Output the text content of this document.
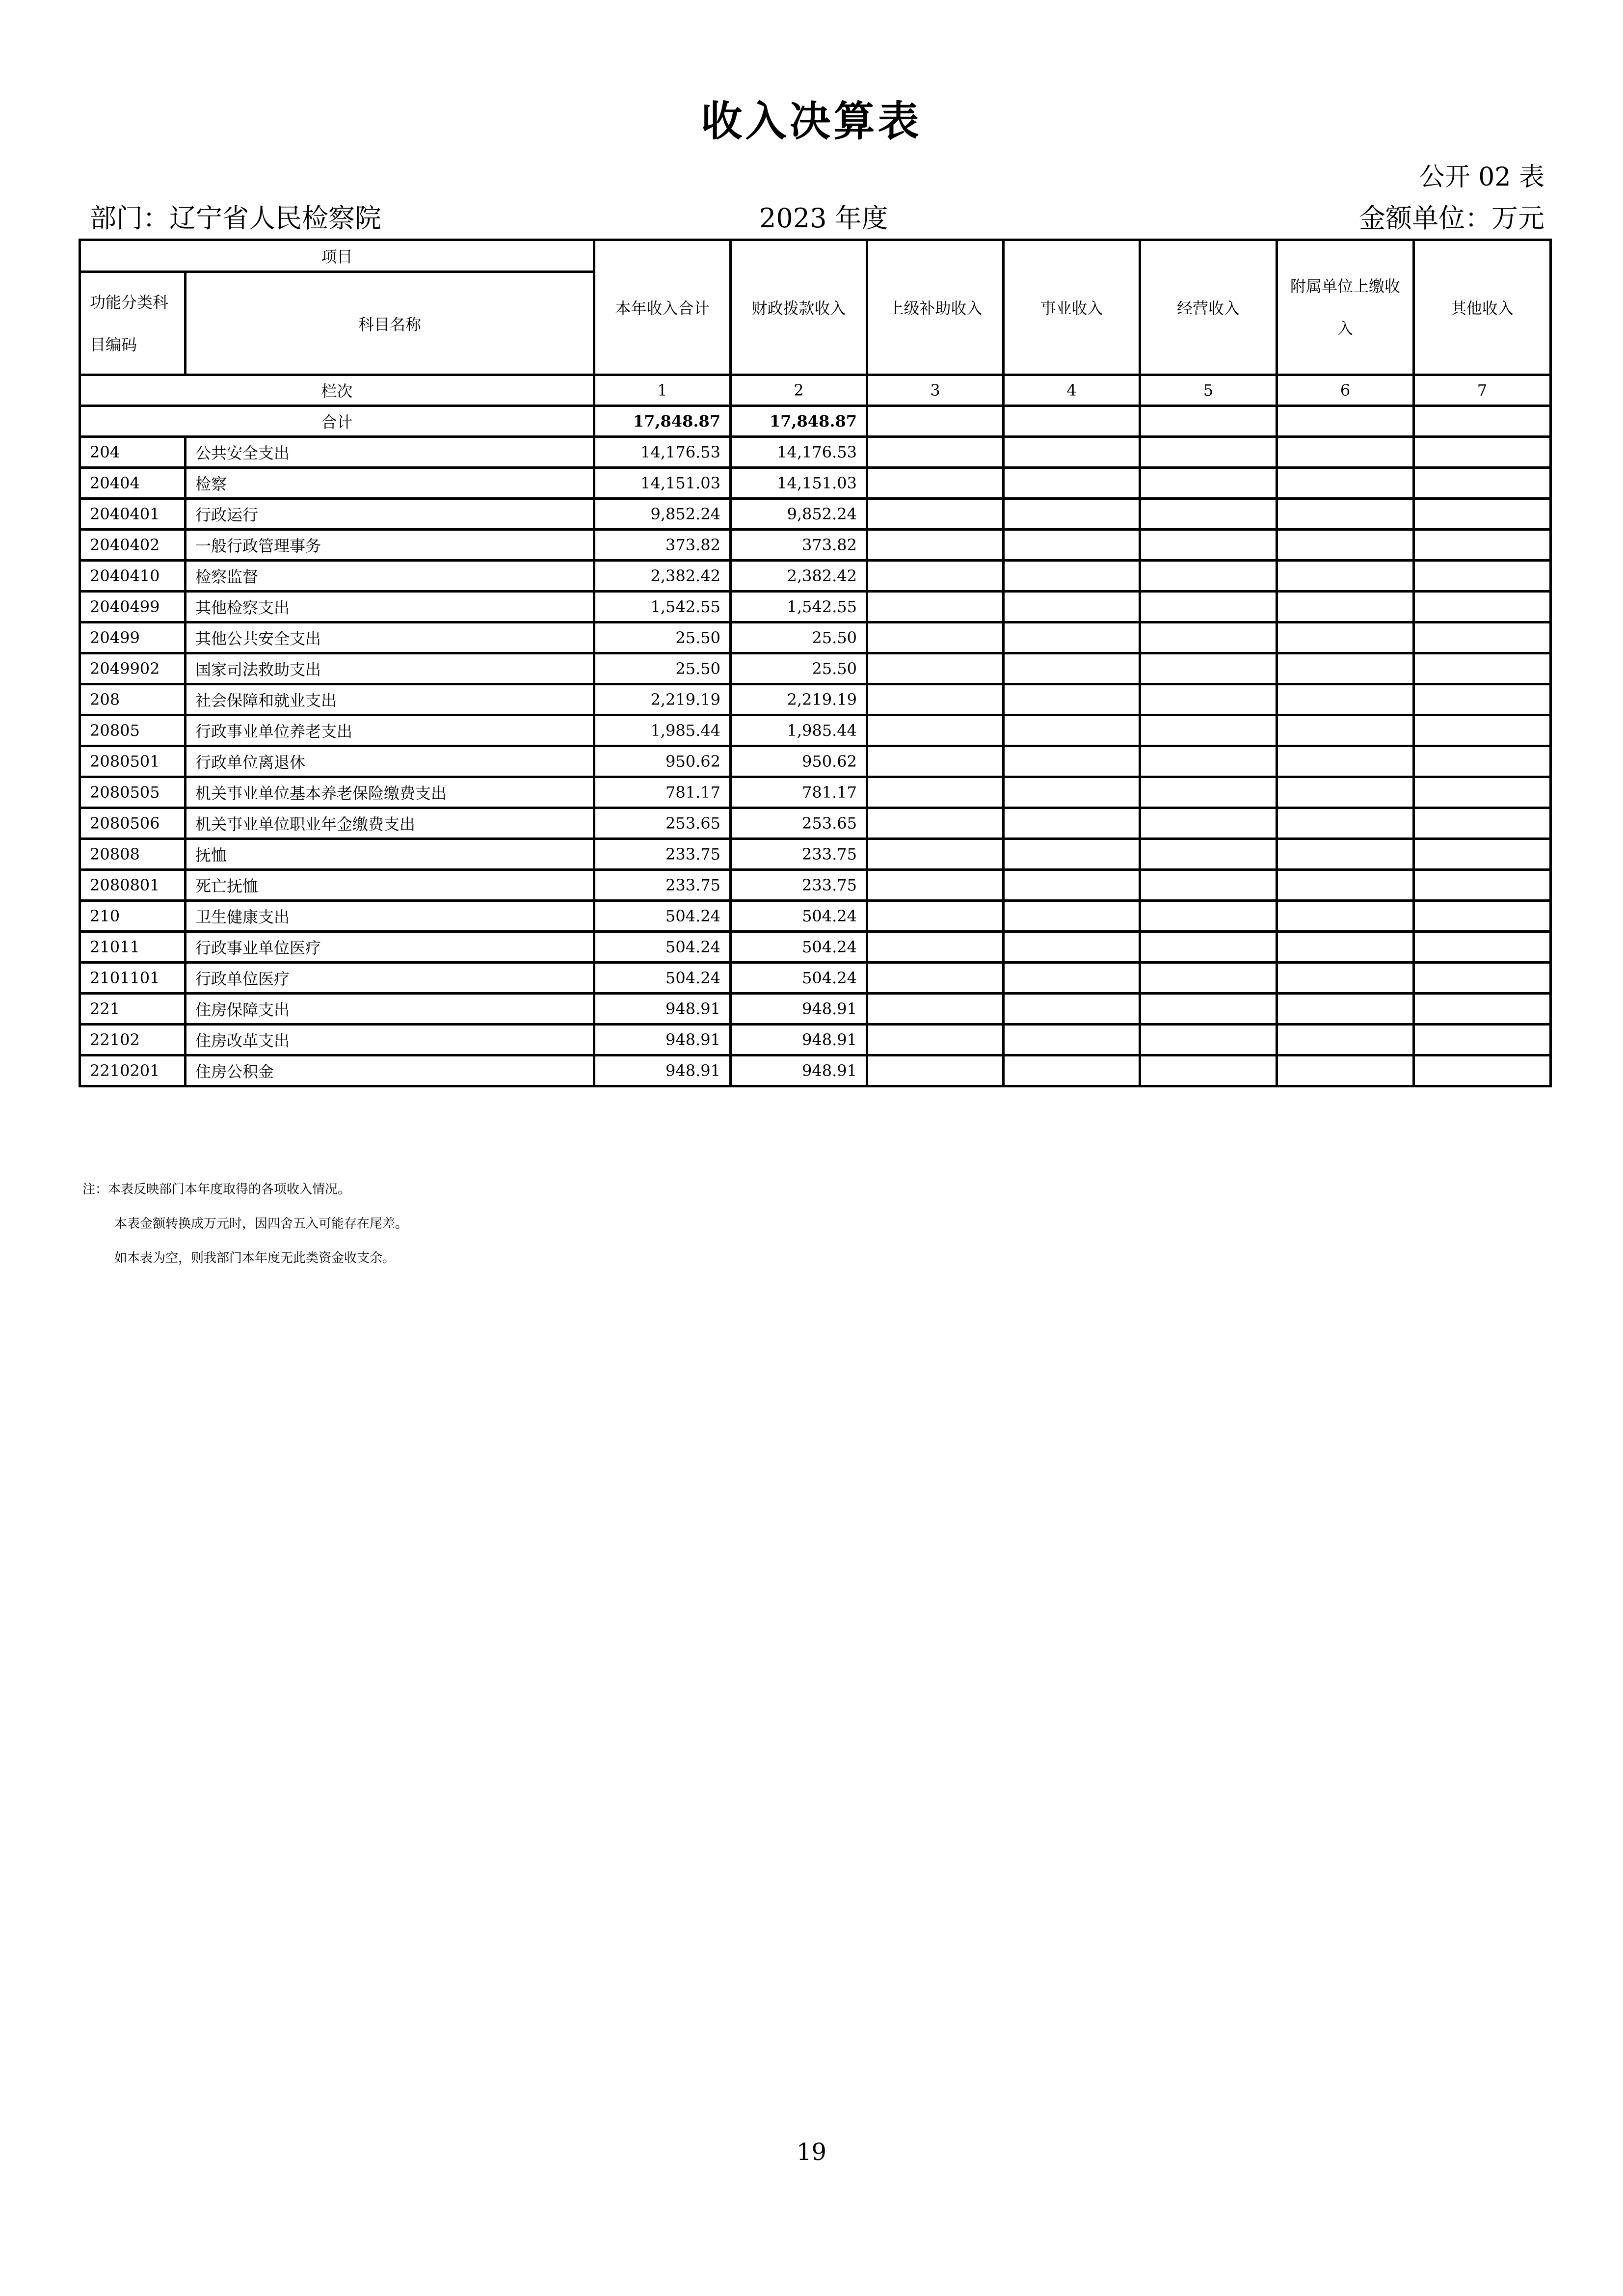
收入决算表
公开 02 表
部门：辽宁省人民检察院	2023 年度	金额单位：万元
项目		本年收入合计	财政拨款收入	上级补助收入	事业收入	经营收入	附属单位上缴收入	其他收入
功能分类科目编码	科目名称							
栏次		1	2	3	4	5	6	7
合计		17,848.87	17,848.87					
204	公共安全支出	14,176.53	14,176.53					
20404	检察	14,151.03	14,151.03					
2040401	行政运行	9,852.24	9,852.24					
2040402	一般行政管理事务	373.82	373.82					
2040410	检察监督	2,382.42	2,382.42					
2040499	其他检察支出	1,542.55	1,542.55					
20499	其他公共安全支出	25.50	25.50					
2049902	国家司法救助支出	25.50	25.50					
208	社会保障和就业支出	2,219.19	2,219.19					
20805	行政事业单位养老支出	1,985.44	1,985.44					
2080501	行政单位离退休	950.62	950.62					
2080505	机关事业单位基本养老保险缴费支出	781.17	781.17					
2080506	机关事业单位职业年金缴费支出	253.65	253.65					
20808	抚恤	233.75	233.75					
2080801	死亡抚恤	233.75	233.75					
210	卫生健康支出	504.24	504.24					
21011	行政事业单位医疗	504.24	504.24					
2101101	行政单位医疗	504.24	504.24					
221	住房保障支出	948.91	948.91					
22102	住房改革支出	948.91	948.91					
2210201	住房公积金	948.91	948.91					
注：本表反映部门本年度取得的各项收入情况。
本表金额转换成万元时，因四舍五入可能存在尾差。
如本表为空，则我部门本年度无此类资金收支余。
19
